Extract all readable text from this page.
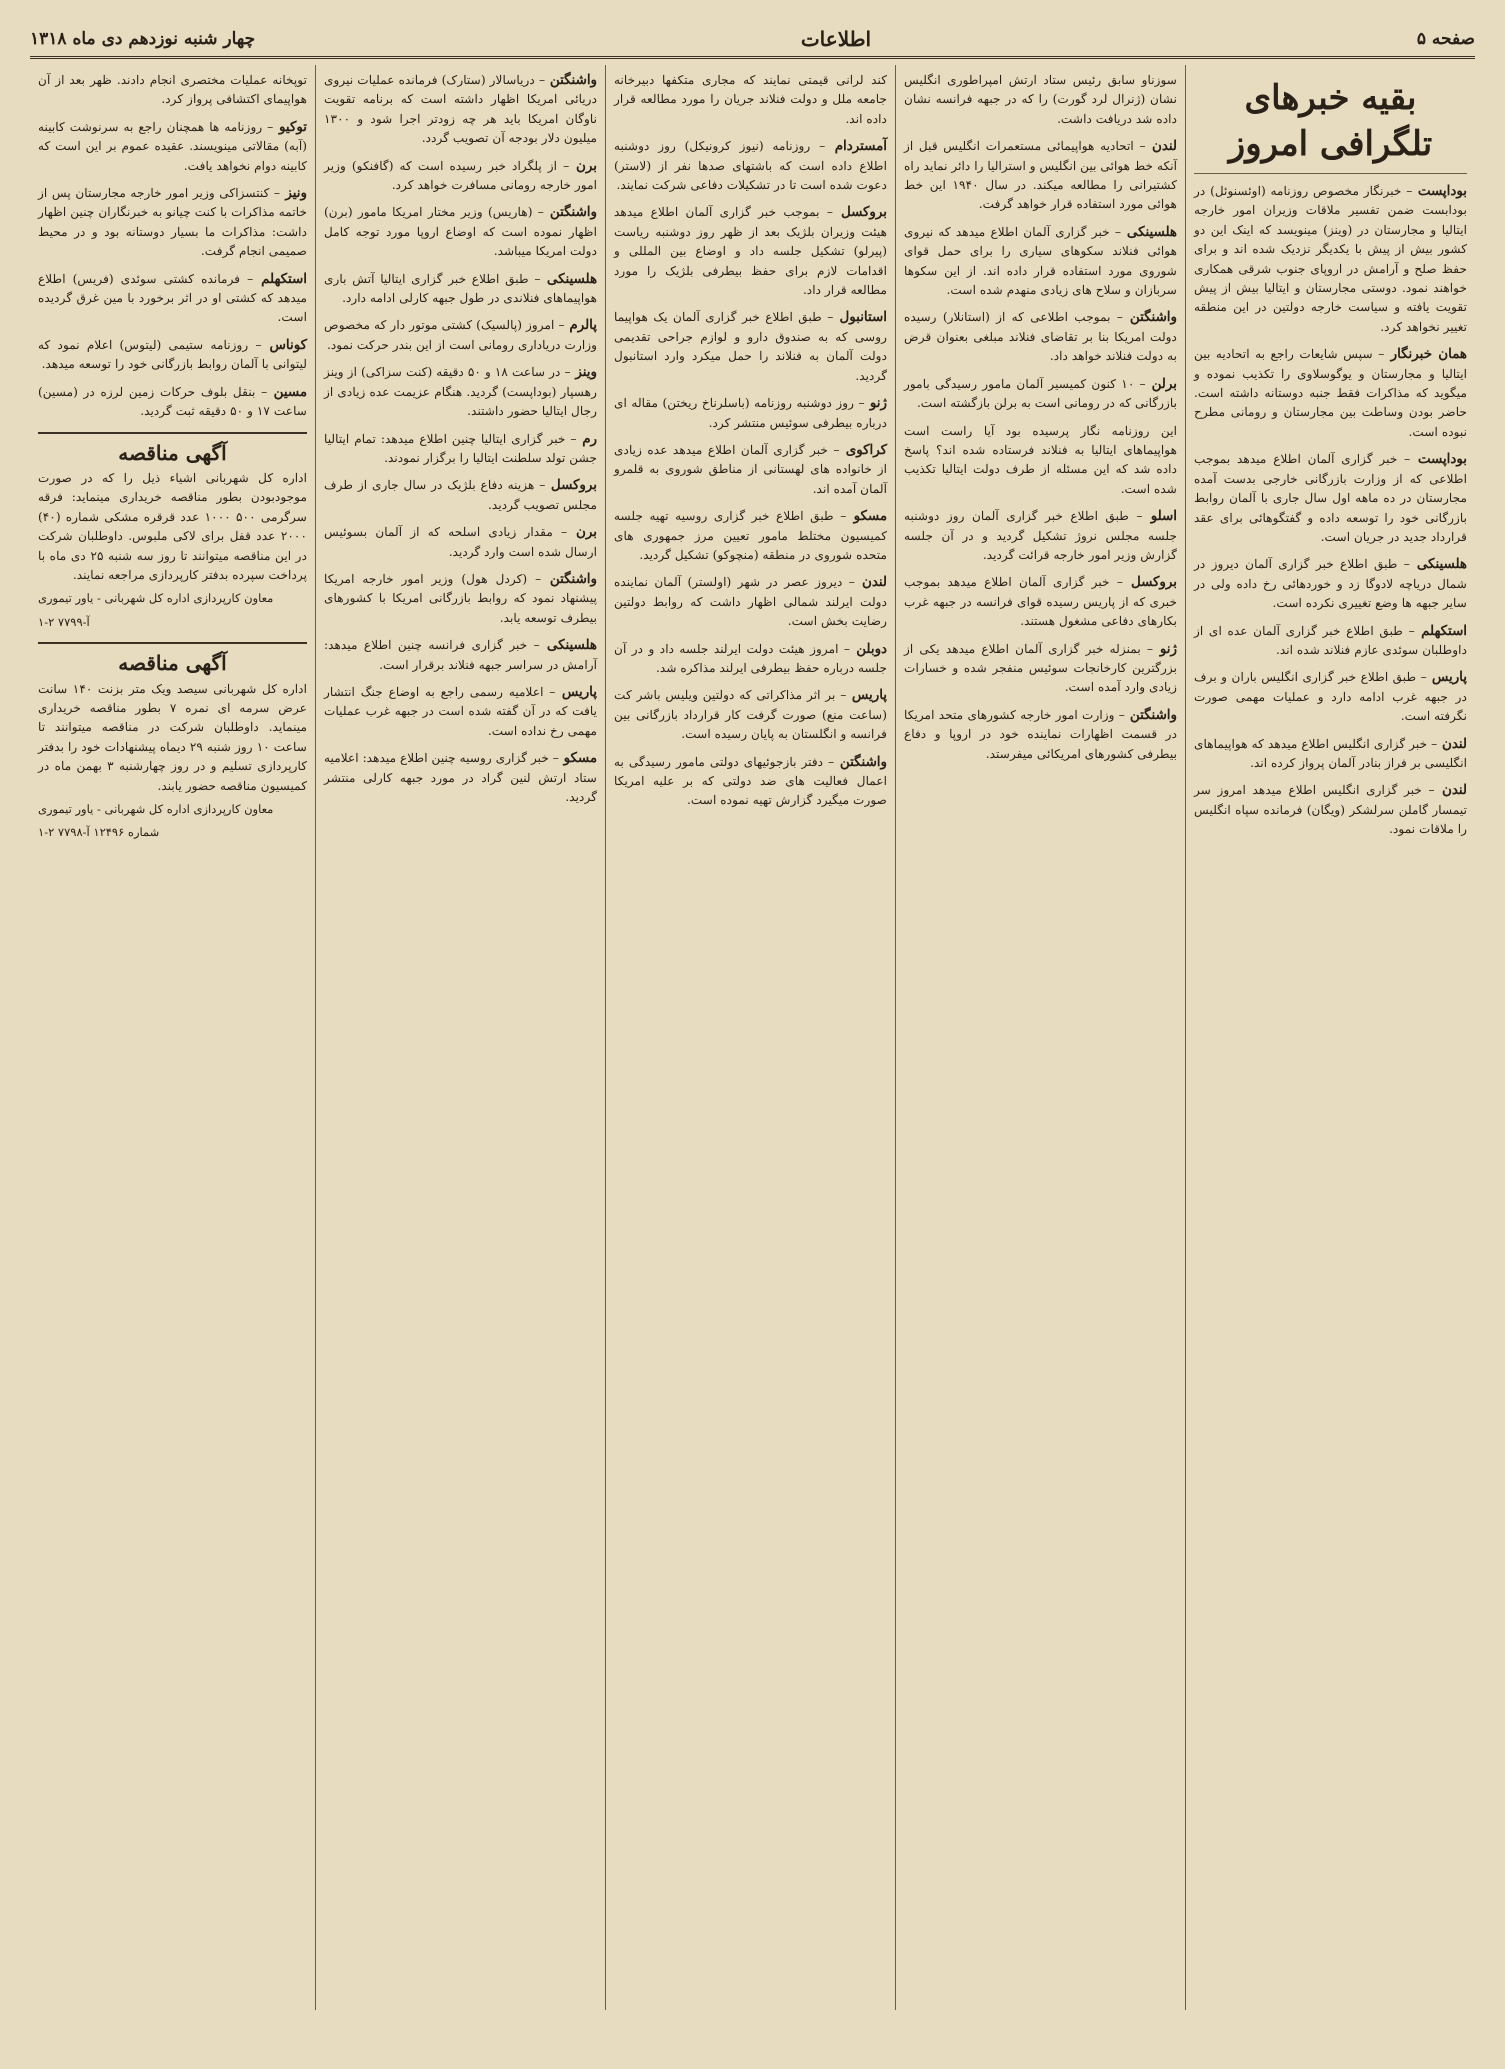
صفحه ۵
اطلاعات
چهار شنبه نوزدهم دی ماه ۱۳۱۸
بقیه خبرهای تلگرافی امروز
بوداپست

– خبرنگار مخصوص روزنامه (اوئسنوئل) در بودابست ضمن تفسیر ملاقات وزیران امور خارجه ایتالیا و مجارستان در (وینز) مینویسد که اینک این دو کشور بیش از پیش با یکدیگر نزدیک شده اند و برای حفظ صلح و آرامش در اروپای جنوب شرقی همکاری خواهند نمود. دوستی مجارستان و ایتالیا بیش از پیش تقویت یافته و سیاست خارجه دولتین در این منطقه تغییر نخواهد کرد.

همان خبرنگار

– سپس شایعات راجع به اتحادیه بین ایتالیا و مجارستان و یوگوسلاوی را تکذیب نموده و میگوید که مذاکرات فقط جنبه دوستانه داشته است. حاضر بودن وساطت بین مجارستان و رومانی مطرح نبوده است.

بوداپست

– خبر گزاری آلمان اطلاع میدهد بموجب اطلاعی که از وزارت بازرگانی خارجی بدست آمده مجارستان در ده ماهه اول سال جاری با آلمان روابط بازرگانی خود را توسعه داده و گفتگوهائی برای عقد قرارداد جدید در جریان است.

هلسینکی

– طبق اطلاع خبر گزاری آلمان دیروز در شمال دریاچه لادوگا زد و خوردهائی رخ داده ولی در سایر جبهه ها وضع تغییری نکرده است.

استکهلم

– طبق اطلاع خبر گزاری آلمان عده ای از داوطلبان سوئدی عازم فنلاند شده اند.

پاریس

– طبق اطلاع خبر گزاری انگلیس باران و برف در جبهه غرب ادامه دارد و عملیات مهمی صورت نگرفته است.

لندن

– خبر گزاری انگلیس اطلاع میدهد که هواپیماهای انگلیسی بر فراز بنادر آلمان پرواز کرده اند.

لندن

– خبر گزاری انگلیس اطلاع میدهد امروز سر تیمسار گاملن سرلشکر (ویگان) فرمانده سپاه انگلیس را ملاقات نمود.

سوزناو سابق رئیس ستاد ارتش امپراطوری انگلیس نشان (ژنرال لرد گورت) را که در جبهه فرانسه نشان داده شد دریافت داشت.

لندن

– اتحادیه هواپیمائی مستعمرات انگلیس قبل از آنکه خط هوائی بین انگلیس و استرالیا را دائر نماید راه کشتیرانی را مطالعه میکند. در سال ۱۹۴۰ این خط هوائی مورد استفاده قرار خواهد گرفت.

هلسینکی

– خبر گزاری آلمان اطلاع میدهد که نیروی هوائی فنلاند سکوهای سیاری را برای حمل قوای شوروی مورد استفاده قرار داده اند. از این سکوها سربازان و سلاح های زیادی منهدم شده است.

واشنگتن

– بموجب اطلاعی که از (استانلار) رسیده دولت امریکا بنا بر تقاضای فنلاند مبلغی بعنوان قرض به دولت فنلاند خواهد داد.

برلن

– ۱۰ کنون کمیسیر آلمان مامور رسیدگی بامور بازرگانی که در رومانی است به برلن بازگشته است.

این روزنامه نگار پرسیده بود آیا راست است هواپیماهای ایتالیا به فنلاند فرستاده شده اند؟ پاسخ داده شد که این مسئله از طرف دولت ایتالیا تکذیب شده است.

اسلو

– طبق اطلاع خبر گزاری آلمان روز دوشنبه جلسه مجلس نروژ تشکیل گردید و در آن جلسه گزارش وزیر امور خارجه قرائت گردید.

بروکسل

– خبر گزاری آلمان اطلاع میدهد بموجب خبری که از پاریس رسیده قوای فرانسه در جبهه غرب بکارهای دفاعی مشغول هستند.

ژنو

– بمنزله خبر گزاری آلمان اطلاع میدهد یکی از بزرگترین کارخانجات سوئیس منفجر شده و خسارات زیادی وارد آمده است.

واشنگتن

– وزارت امور خارجه کشورهای متحد امریکا در قسمت اظهارات نماینده خود در اروپا و دفاع بیطرفی کشورهای امریکائی میفرستد.

کند لرانی قیمتی نمایند که مجاری متکفها دبیرخانه جامعه ملل و دولت فنلاند جریان را مورد مطالعه قرار داده اند.

آمستردام

– روزنامه (نیوز کرونیکل) روز دوشنبه اطلاع داده است که باشتهای صدها نفر از (لاستر) دعوت شده است تا در تشکیلات دفاعی شرکت نمایند.

بروکسل

– بموجب خبر گزاری آلمان اطلاع میدهد هیئت وزیران بلژیک بعد از ظهر روز دوشنبه ریاست (پیرلو) تشکیل جلسه داد و اوضاع بین المللی و اقدامات لازم برای حفظ بیطرفی بلژیک را مورد مطالعه قرار داد.

استانبول

– طبق اطلاع خبر گزاری آلمان یک هواپیما روسی که به صندوق دارو و لوازم جراحی تقدیمی دولت آلمان به فنلاند را حمل میکرد وارد استانبول گردید.

ژنو

– روز دوشنبه روزنامه (باسلرناخ ریختن) مقاله ای درباره بیطرفی سوئیس منتشر کرد.

کراکوی

– خبر گزاری آلمان اطلاع میدهد عده زیادی از خانواده های لهستانی از مناطق شوروی به قلمرو آلمان آمده اند.

مسکو

– طبق اطلاع خبر گزاری روسیه تهیه جلسه کمیسیون مختلط مامور تعیین مرز جمهوری های متحده شوروی در منطقه (منچوکو) تشکیل گردید.

لندن

– دیروز عصر در شهر (اولستر) آلمان نماینده دولت ایرلند شمالی اظهار داشت که روابط دولتین رضایت بخش است.

دوبلن

– امروز هیئت دولت ایرلند جلسه داد و در آن جلسه درباره حفظ بیطرفی ایرلند مذاکره شد.

پاریس

– بر اثر مذاکراتی که دولتین ویلیس باشر کت (ساعت منع) صورت گرفت کار قرارداد بازرگانی بین فرانسه و انگلستان به پایان رسیده است.

واشنگتن

– دفتر بازجوئیهای دولتی مامور رسیدگی به اعمال فعالیت های ضد دولتی که بر علیه امریکا صورت میگیرد گزارش تهیه نموده است.

واشنگتن

– دریاسالار (ستارک) فرمانده عملیات نیروی دریائی امریکا اظهار داشته است که برنامه تقویت ناوگان امریکا باید هر چه زودتر اجرا شود و ۱۳۰۰ میلیون دلار بودجه آن تصویب گردد.

برن

– از پلگراد خبر رسیده است که (گافنکو) وزیر امور خارجه رومانی مسافرت خواهد کرد.

واشنگتن

– (هاریس) وزیر مختار امریکا مامور (برن) اظهار نموده است که اوضاع اروپا مورد توجه کامل دولت امریکا میباشد.

هلسینکی

– طبق اطلاع خبر گزاری ایتالیا آتش باری هواپیماهای فنلاندی در طول جبهه کارلی ادامه دارد.

پالرم

– امروز (پالسیک) کشتی موتور دار که مخصوص وزارت دریاداری رومانی است از این بندر حرکت نمود.

وینز

– در ساعت ۱۸ و ۵۰ دقیقه (کنت سزاکی) از وینز رهسپار (بوداپست) گردید. هنگام عزیمت عده زیادی از رجال ایتالیا حضور داشتند.

رم

– خبر گزاری ایتالیا چنین اطلاع میدهد: تمام ایتالیا جشن تولد سلطنت ایتالیا را برگزار نمودند.

بروکسل

– هزینه دفاع بلژیک در سال جاری از طرف مجلس تصویب گردید.

برن

– مقدار زیادی اسلحه که از آلمان بسوئیس ارسال شده است وارد گردید.

واشنگتن

– (کردل هول) وزیر امور خارجه امریکا پیشنهاد نمود که روابط بازرگانی امریکا با کشورهای بیطرف توسعه یابد.

هلسینکی

– خبر گزاری فرانسه چنین اطلاع میدهد: آرامش در سراسر جبهه فنلاند برقرار است.

پاریس

– اعلامیه رسمی راجع به اوضاع جنگ انتشار یافت که در آن گفته شده است در جبهه غرب عملیات مهمی رخ نداده است.

مسکو

– خبر گزاری روسیه چنین اطلاع میدهد: اعلامیه ستاد ارتش لنین گراد در مورد جبهه کارلی منتشر گردید.

توپخانه عملیات مختصری انجام دادند. ظهر بعد از آن هواپیمای اکتشافی پرواز کرد.

توکیو

– روزنامه ها همچنان راجع به سرنوشت کابینه (آبه) مقالاتی مینویسند. عقیده عموم بر این است که کابینه دوام نخواهد یافت.

ونیز

– کنتسزاکی وزیر امور خارجه مجارستان پس از خاتمه مذاکرات با کنت چیانو به خبرنگاران چنین اظهار داشت: مذاکرات ما بسیار دوستانه بود و در محیط صمیمی انجام گرفت.

استکهلم

– فرمانده کشتی سوئدی (فریس) اطلاع میدهد که کشتی او در اثر برخورد با مین غرق گردیده است.

کوناس

– روزنامه ستیمی (لیتوس) اعلام نمود که لیتوانی با آلمان روابط بازرگانی خود را توسعه میدهد.

مسین

– بنقل بلوف حرکات زمین لرزه در (مسین) ساعت ۱۷ و ۵۰ دقیقه ثبت گردید.

آگهی مناقصه
اداره کل شهربانی اشیاء ذیل را که در صورت موجودبودن بطور مناقصه خریداری مینماید: فرقه سرگرمی ۵۰۰ ۱۰۰۰ عدد قرقره مشکی شماره (۴۰) ۲۰۰۰ عدد قفل برای لاکی ملبوس. داوطلبان شرکت در این مناقصه میتوانند تا روز سه شنبه ۲۵ دی ماه با پرداخت سپرده بدفتر کارپردازی مراجعه نمایند.
معاون کارپردازی اداره کل شهربانی - یاور تیموری
آ-۷۷۹۹ ۲-۱
آگهی مناقصه
اداره کل شهربانی سیصد ویک متر بزنت ۱۴۰ سانت عرض سرمه ای نمره ۷ بطور مناقصه خریداری مینماید. داوطلبان شرکت در مناقصه میتوانند تا ساعت ۱۰ روز شنبه ۲۹ دیماه پیشنهادات خود را بدفتر کارپردازی تسلیم و در روز چهارشنبه ۳ بهمن ماه در کمیسیون مناقصه حضور یابند.
معاون کارپردازی اداره کل شهربانی - یاور تیموری
شماره ۱۲۴۹۶ آ-۷۷۹۸ ۲-۱
